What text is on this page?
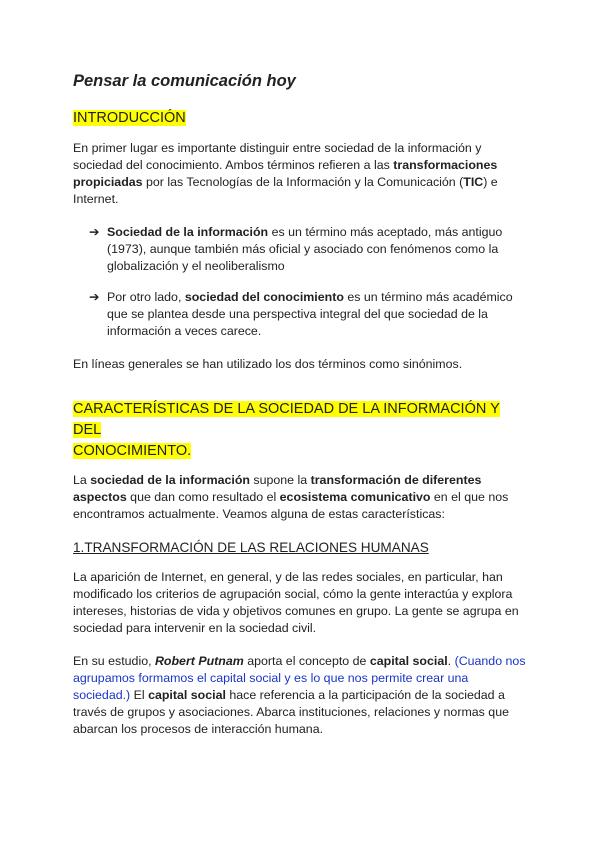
Pensar la comunicación hoy
INTRODUCCIÓN

En primer lugar es importante distinguir entre sociedad de la información y sociedad del conocimiento. Ambos términos refieren a las transformaciones propiciadas por las Tecnologías de la Información y la Comunicación (TIC) e Internet.

➔ Sociedad de la información es un término más aceptado, más antiguo (1973), aunque también más oficial y asociado con fenómenos como la globalización y el neoliberalismo
➔ Por otro lado, sociedad del conocimiento es un término más académico que se plantea desde una perspectiva integral del que sociedad de la información a veces carece.

En líneas generales se han utilizado los dos términos como sinónimos.

CARACTERÍSTICAS DE LA SOCIEDAD DE LA INFORMACIÓN Y DEL
CONOCIMIENTO.

La sociedad de la información supone la transformación de diferentes aspectos que dan como resultado el ecosistema comunicativo en el que nos encontramos actualmente. Veamos alguna de estas características:

1.TRANSFORMACIÓN DE LAS RELACIONES HUMANAS

La aparición de Internet, en general, y de las redes sociales, en particular, han modificado los criterios de agrupación social, cómo la gente interactúa y explora intereses, historias de vida y objetivos comunes en grupo. La gente se agrupa en sociedad para intervenir en la sociedad civil.

En su estudio, Robert Putnam aporta el concepto de capital social. (Cuando nos agrupamos formamos el capital social y es lo que nos permite crear una sociedad.) El capital social hace referencia a la participación de la sociedad a través de grupos y asociaciones. Abarca instituciones, relaciones y normas que abarcan los procesos de interacción humana.
